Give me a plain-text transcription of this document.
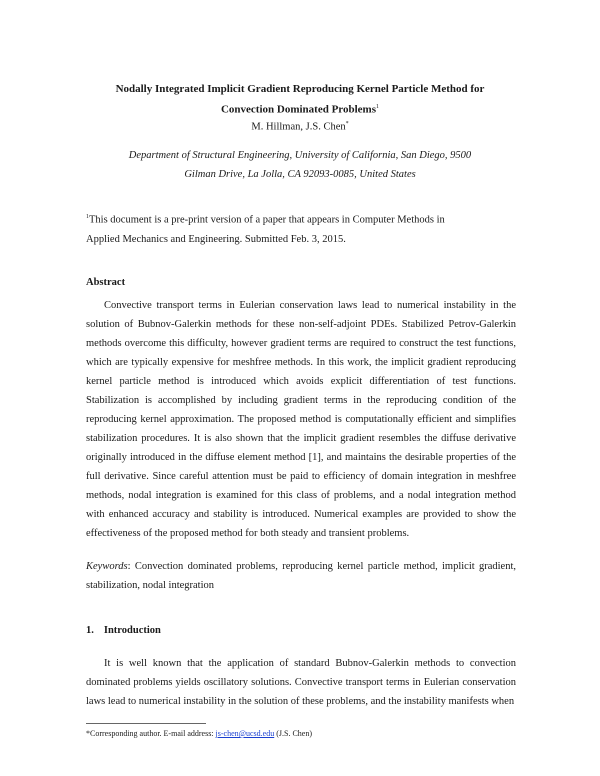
Nodally Integrated Implicit Gradient Reproducing Kernel Particle Method for
Convection Dominated Problems$^1$
M. Hillman, J.S. Chen*
Department of Structural Engineering, University of California, San Diego, 9500
Gilman Drive, La Jolla, CA 92093-0085, United States
$^1$This document is a pre-print version of a paper that appears in Computer Methods in
Applied Mechanics and Engineering. Submitted Feb. 3, 2015.
Abstract
Convective transport terms in Eulerian conservation laws lead to numerical instability in the solution of Bubnov-Galerkin methods for these non-self-adjoint PDEs. Stabilized Petrov-Galerkin methods overcome this difficulty, however gradient terms are required to construct the test functions, which are typically expensive for meshfree methods. In this work, the implicit gradient reproducing kernel particle method is introduced which avoids explicit differentiation of test functions. Stabilization is accomplished by including gradient terms in the reproducing condition of the reproducing kernel approximation. The proposed method is computationally efficient and simplifies stabilization procedures. It is also shown that the implicit gradient resembles the diffuse derivative originally introduced in the diffuse element method [1], and maintains the desirable properties of the full derivative. Since careful attention must be paid to efficiency of domain integration in meshfree methods, nodal integration is examined for this class of problems, and a nodal integration method with enhanced accuracy and stability is introduced. Numerical examples are provided to show the effectiveness of the proposed method for both steady and transient problems.
Keywords: Convection dominated problems, reproducing kernel particle method, implicit gradient, stabilization, nodal integration
1. Introduction
It is well known that the application of standard Bubnov-Galerkin methods to convection dominated problems yields oscillatory solutions. Convective transport terms in Eulerian conservation laws lead to numerical instability in the solution of these problems, and the instability manifests when
*Corresponding author. E-mail address: js-chen@ucsd.edu (J.S. Chen)
